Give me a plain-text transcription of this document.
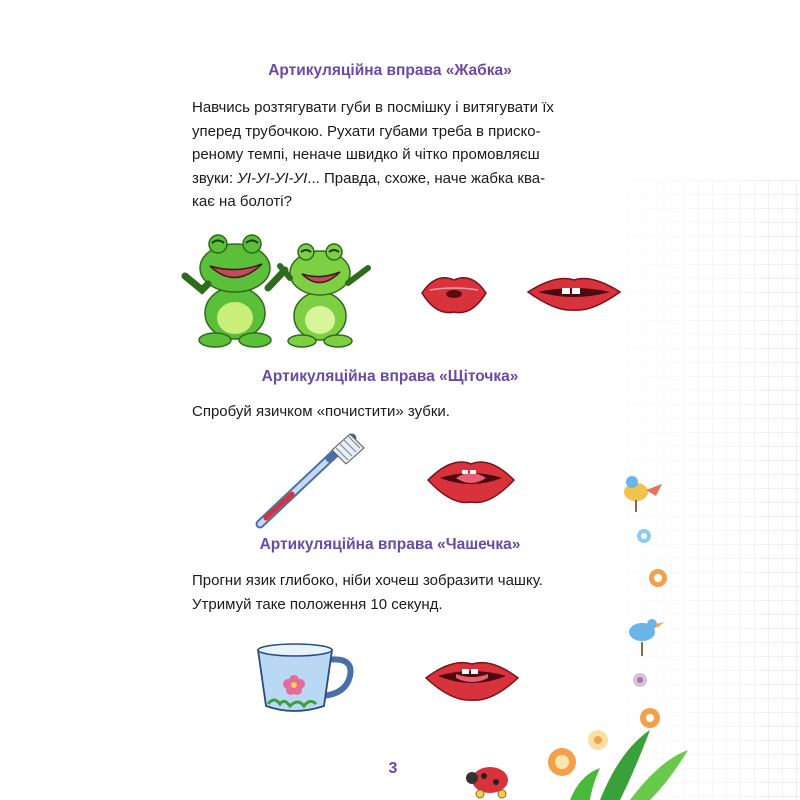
Артикуляційна вправа «Жабка»
Навчись розтягувати губи в посмішку і витягувати їх
уперед трубочкою. Рухати губами треба в приско-
реному темпі, неначе швидко й чітко промовляєш
звуки: УІ-УІ-УІ-УІ... Правда, схоже, наче жабка ква-
кає на болоті?
Артикуляційна вправа «Щіточка»
Спробуй язичком «почистити» зубки.
Артикуляційна вправа «Чашечка»
Прогни язик глибоко, ніби хочеш зобразити чашку.
Утримуй таке положення 10 секунд.
3
